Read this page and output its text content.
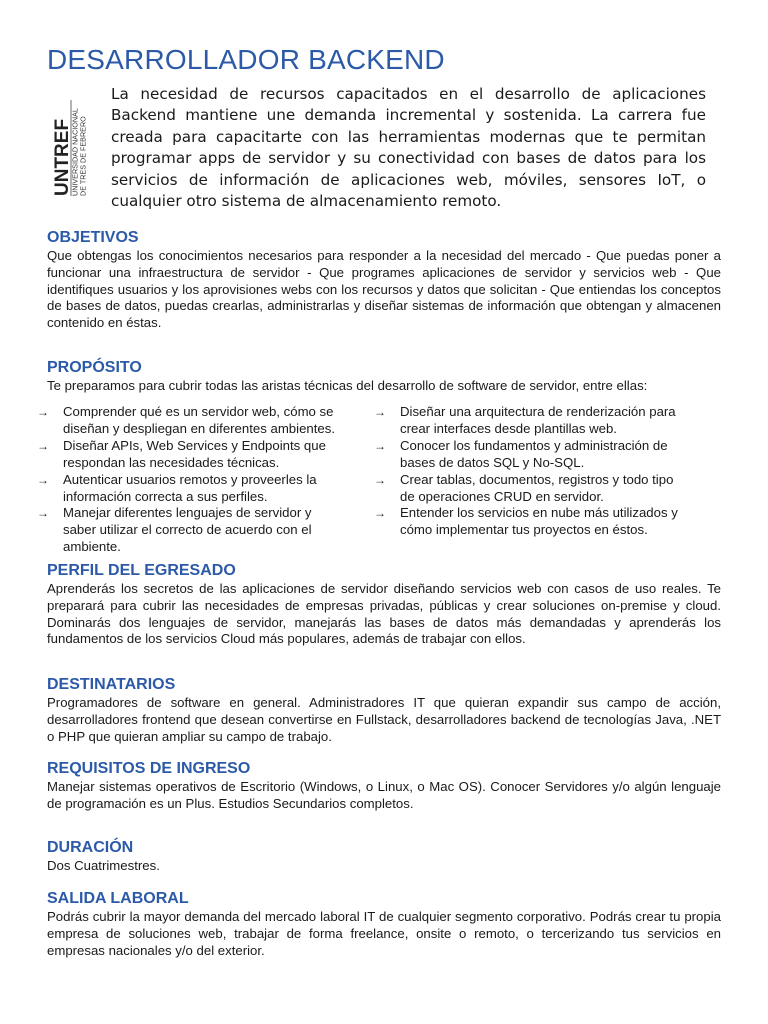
DESARROLLADOR BACKEND
UNTREF
UNIVERSIDAD NACIONAL DE TRES DE FEBRERO
La necesidad de recursos capacitados en el desarrollo de aplicaciones Backend mantiene une demanda incremental y sostenida. La carrera fue creada para capacitarte con las herramientas modernas que te permitan programar apps de servidor y su conectividad con bases de datos para los servicios de información de aplicaciones web, móviles, sensores IoT, o cualquier otro sistema de almacenamiento remoto.
OBJETIVOS

Que obtengas los conocimientos necesarios para responder a la necesidad del mercado - Que puedas poner a funcionar una infraestructura de servidor - Que programes aplicaciones de servidor y servicios web - Que identifiques usuarios y los aprovisiones webs con los recursos y datos que solicitan - Que entiendas los conceptos de bases de datos, puedas crearlas, administrarlas y diseñar sistemas de información que obtengan y almacenen contenido en éstas.

PROPÓSITO

Te preparamos para cubrir todas las aristas técnicas del desarrollo de software de servidor, entre ellas:

→ Comprender qué es un servidor web, cómo se diseñan y despliegan en diferentes ambientes.
→ Diseñar APIs, Web Services y Endpoints que respondan las necesidades técnicas.
→ Autenticar usuarios remotos y proveerles la información correcta a sus perfiles.
→ Manejar diferentes lenguajes de servidor y saber utilizar el correcto de acuerdo con el ambiente.
→ Diseñar una arquitectura de renderización para crear interfaces desde plantillas web.
→ Conocer los fundamentos y administración de bases de datos SQL y No-SQL.
→ Crear tablas, documentos, registros y todo tipo de operaciones CRUD en servidor.
→ Entender los servicios en nube más utilizados y cómo implementar tus proyectos en éstos.
PERFIL DEL EGRESADO

Aprenderás los secretos de las aplicaciones de servidor diseñando servicios web con casos de uso reales. Te preparará para cubrir las necesidades de empresas privadas, públicas y crear soluciones on-premise y cloud. Dominarás dos lenguajes de servidor, manejarás las bases de datos más demandadas y aprenderás los fundamentos de los servicios Cloud más populares, además de trabajar con ellos.

DESTINATARIOS

Programadores de software en general. Administradores IT que quieran expandir sus campo de acción, desarrolladores frontend que desean convertirse en Fullstack, desarrolladores backend de tecnologías Java, .NET o PHP que quieran ampliar su campo de trabajo.

REQUISITOS DE INGRESO

Manejar sistemas operativos de Escritorio (Windows, o Linux, o Mac OS). Conocer Servidores y/o algún lenguaje de programación es un Plus. Estudios Secundarios completos.

DURACIÓN

Dos Cuatrimestres.

SALIDA LABORAL

Podrás cubrir la mayor demanda del mercado laboral IT de cualquier segmento corporativo. Podrás crear tu propia empresa de soluciones web, trabajar de forma freelance, onsite o remoto, o tercerizando tus servicios en empresas nacionales y/o del exterior.
